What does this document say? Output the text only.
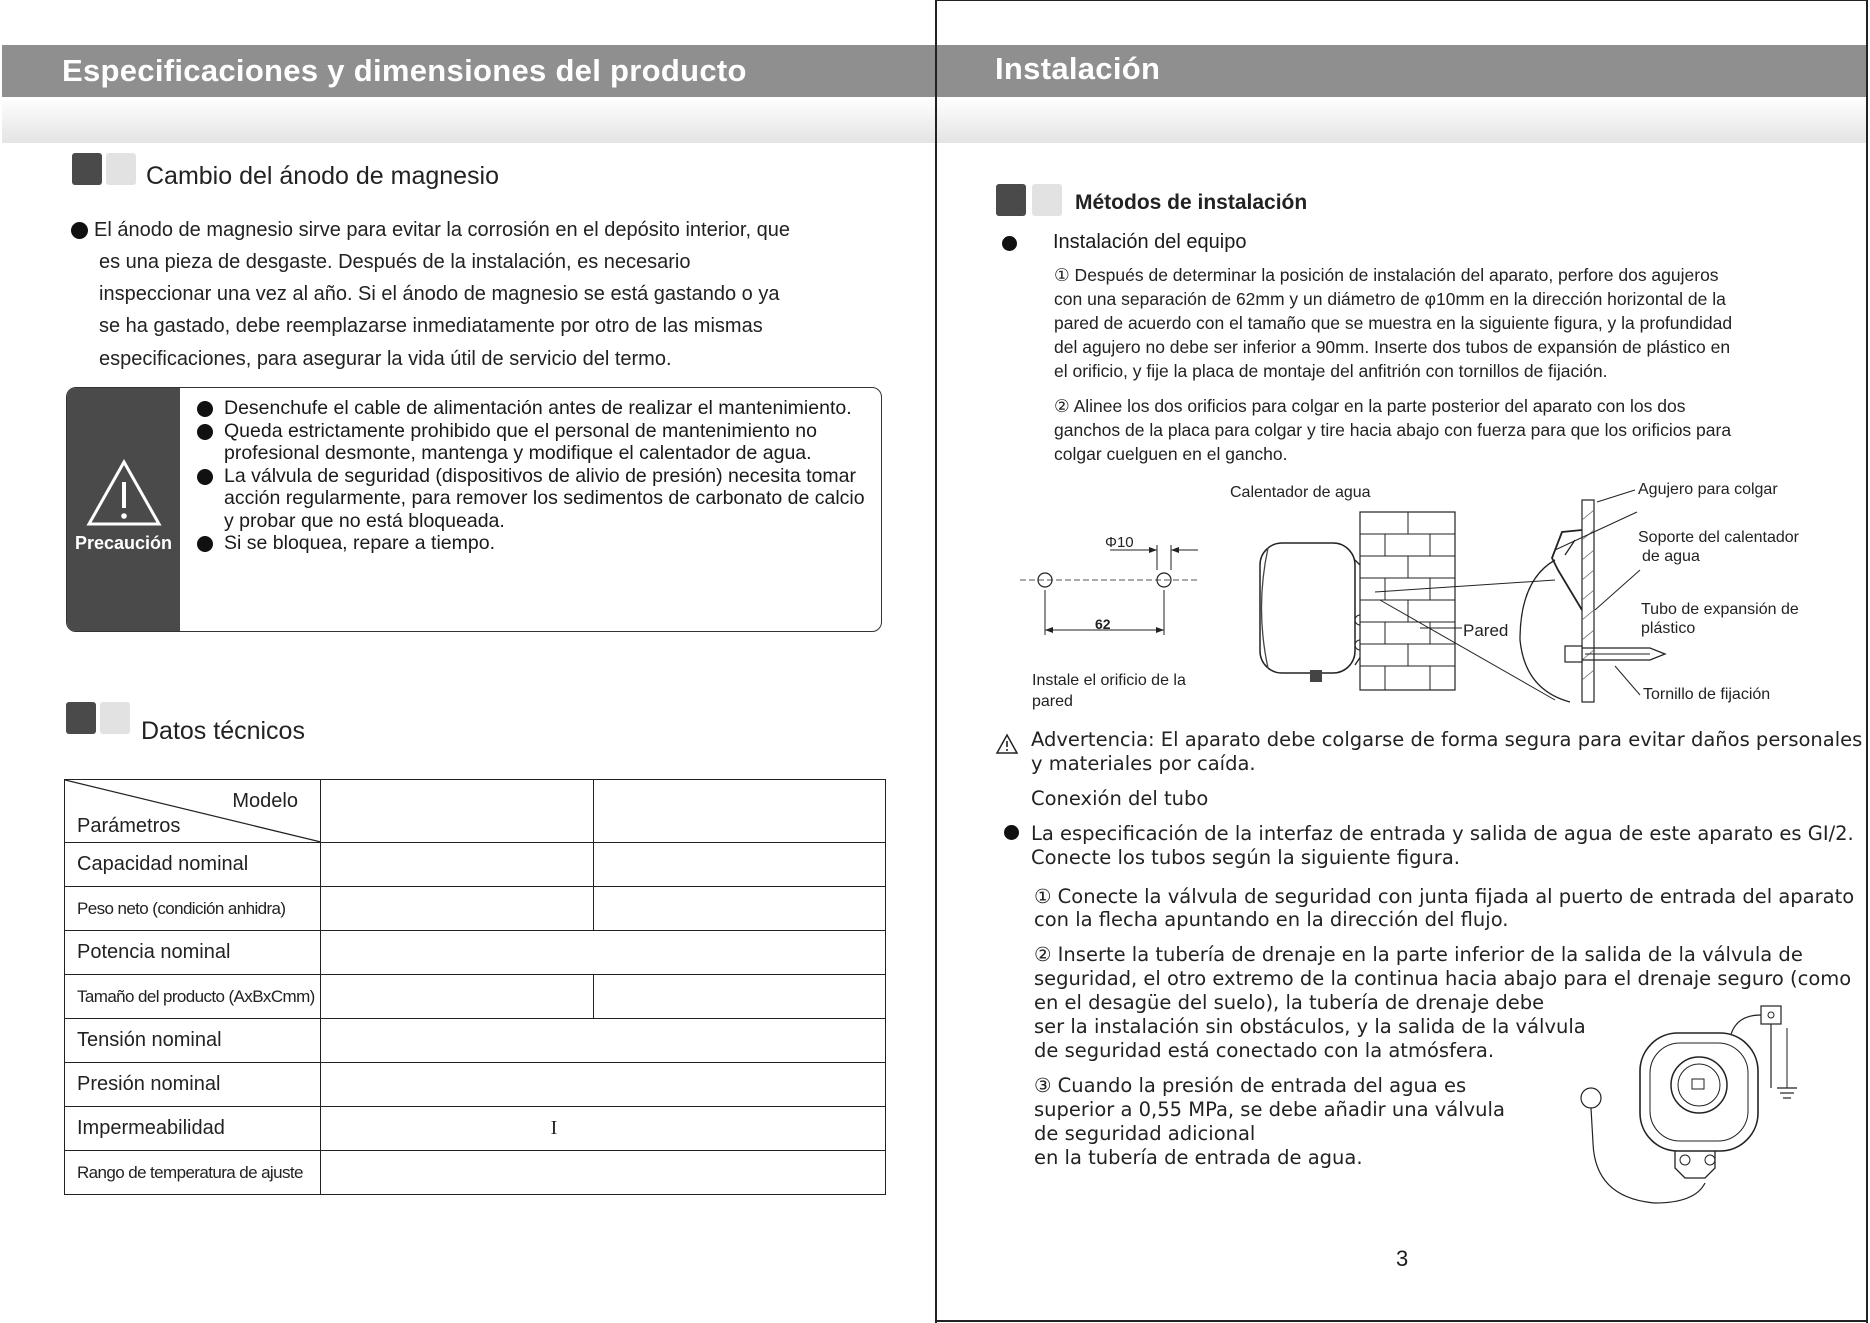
Especificaciones y dimensiones del producto
Cambio del ánodo de magnesio
El ánodo de magnesio sirve para evitar la corrosión en el depósito interior, que
es una pieza de desgaste. Después de la instalación, es necesario
inspeccionar una vez al año. Si el ánodo de magnesio se está gastando o ya
se ha gastado, debe reemplazarse inmediatamente por otro de las mismas
especificaciones, para asegurar la vida útil de servicio del termo.
Precaución
Desenchufe el cable de alimentación antes de realizar el mantenimiento.
Queda estrictamente prohibido que el personal de mantenimiento no profesional desmonte, mantenga y modifique el calentador de agua.
La válvula de seguridad (dispositivos de alivio de presión) necesita tomar acción regularmente, para remover los sedimentos de carbonato de calcio y probar que no está bloqueada.
Si se bloquea, repare a tiempo.
Datos técnicos
Modelo
Parámetros		

Capacidad nominal		
Peso neto (condición anhidra)		
Potencia nominal		
Tamaño del producto (AxBxCmm)		
Tensión nominal		
Presión nominal		
Impermeabilidad	I	
Rango de temperatura de ajuste		
Instalación
Métodos de instalación
Instalación del equipo
① Después de determinar la posición de instalación del aparato, perfore dos agujeros
con una separación de 62mm y un diámetro de φ10mm en la dirección horizontal de la
pared de acuerdo con el tamaño que se muestra en la siguiente figura, y la profundidad
del agujero no debe ser inferior a 90mm. Inserte dos tubos de expansión de plástico en
el orificio, y fije la placa de montaje del anfitrión con tornillos de fijación.
② Alinee los dos orificios para colgar en la parte posterior del aparato con los dos
ganchos de la placa para colgar y tire hacia abajo con fuerza para que los orificios para
colgar cuelguen en el gancho.
Calentador de agua	Agujero para colgar
Soporte del calentador
de agua
Tubo de expansión de
plástico
Pared
Tornillo de fijación
Φ10
62
Instale el orificio de la
pared
Advertencia: El aparato debe colgarse de forma segura para evitar daños personales
y materiales por caída.
Conexión del tubo
La especificación de la interfaz de entrada y salida de agua de este aparato es GI/2.
Conecte los tubos según la siguiente figura.
① Conecte la válvula de seguridad con junta fijada al puerto de entrada del aparato
con la flecha apuntando en la dirección del flujo.
② Inserte la tubería de drenaje en la parte inferior de la salida de la válvula de
seguridad, el otro extremo de la continua hacia abajo para el drenaje seguro (como
en el desagüe del suelo), la tubería de drenaje debe
ser la instalación sin obstáculos, y la salida de la válvula
de seguridad está conectado con la atmósfera.
③ Cuando la presión de entrada del agua es
superior a 0,55 MPa, se debe añadir una válvula
de seguridad adicional
en la tubería de entrada de agua.
3
